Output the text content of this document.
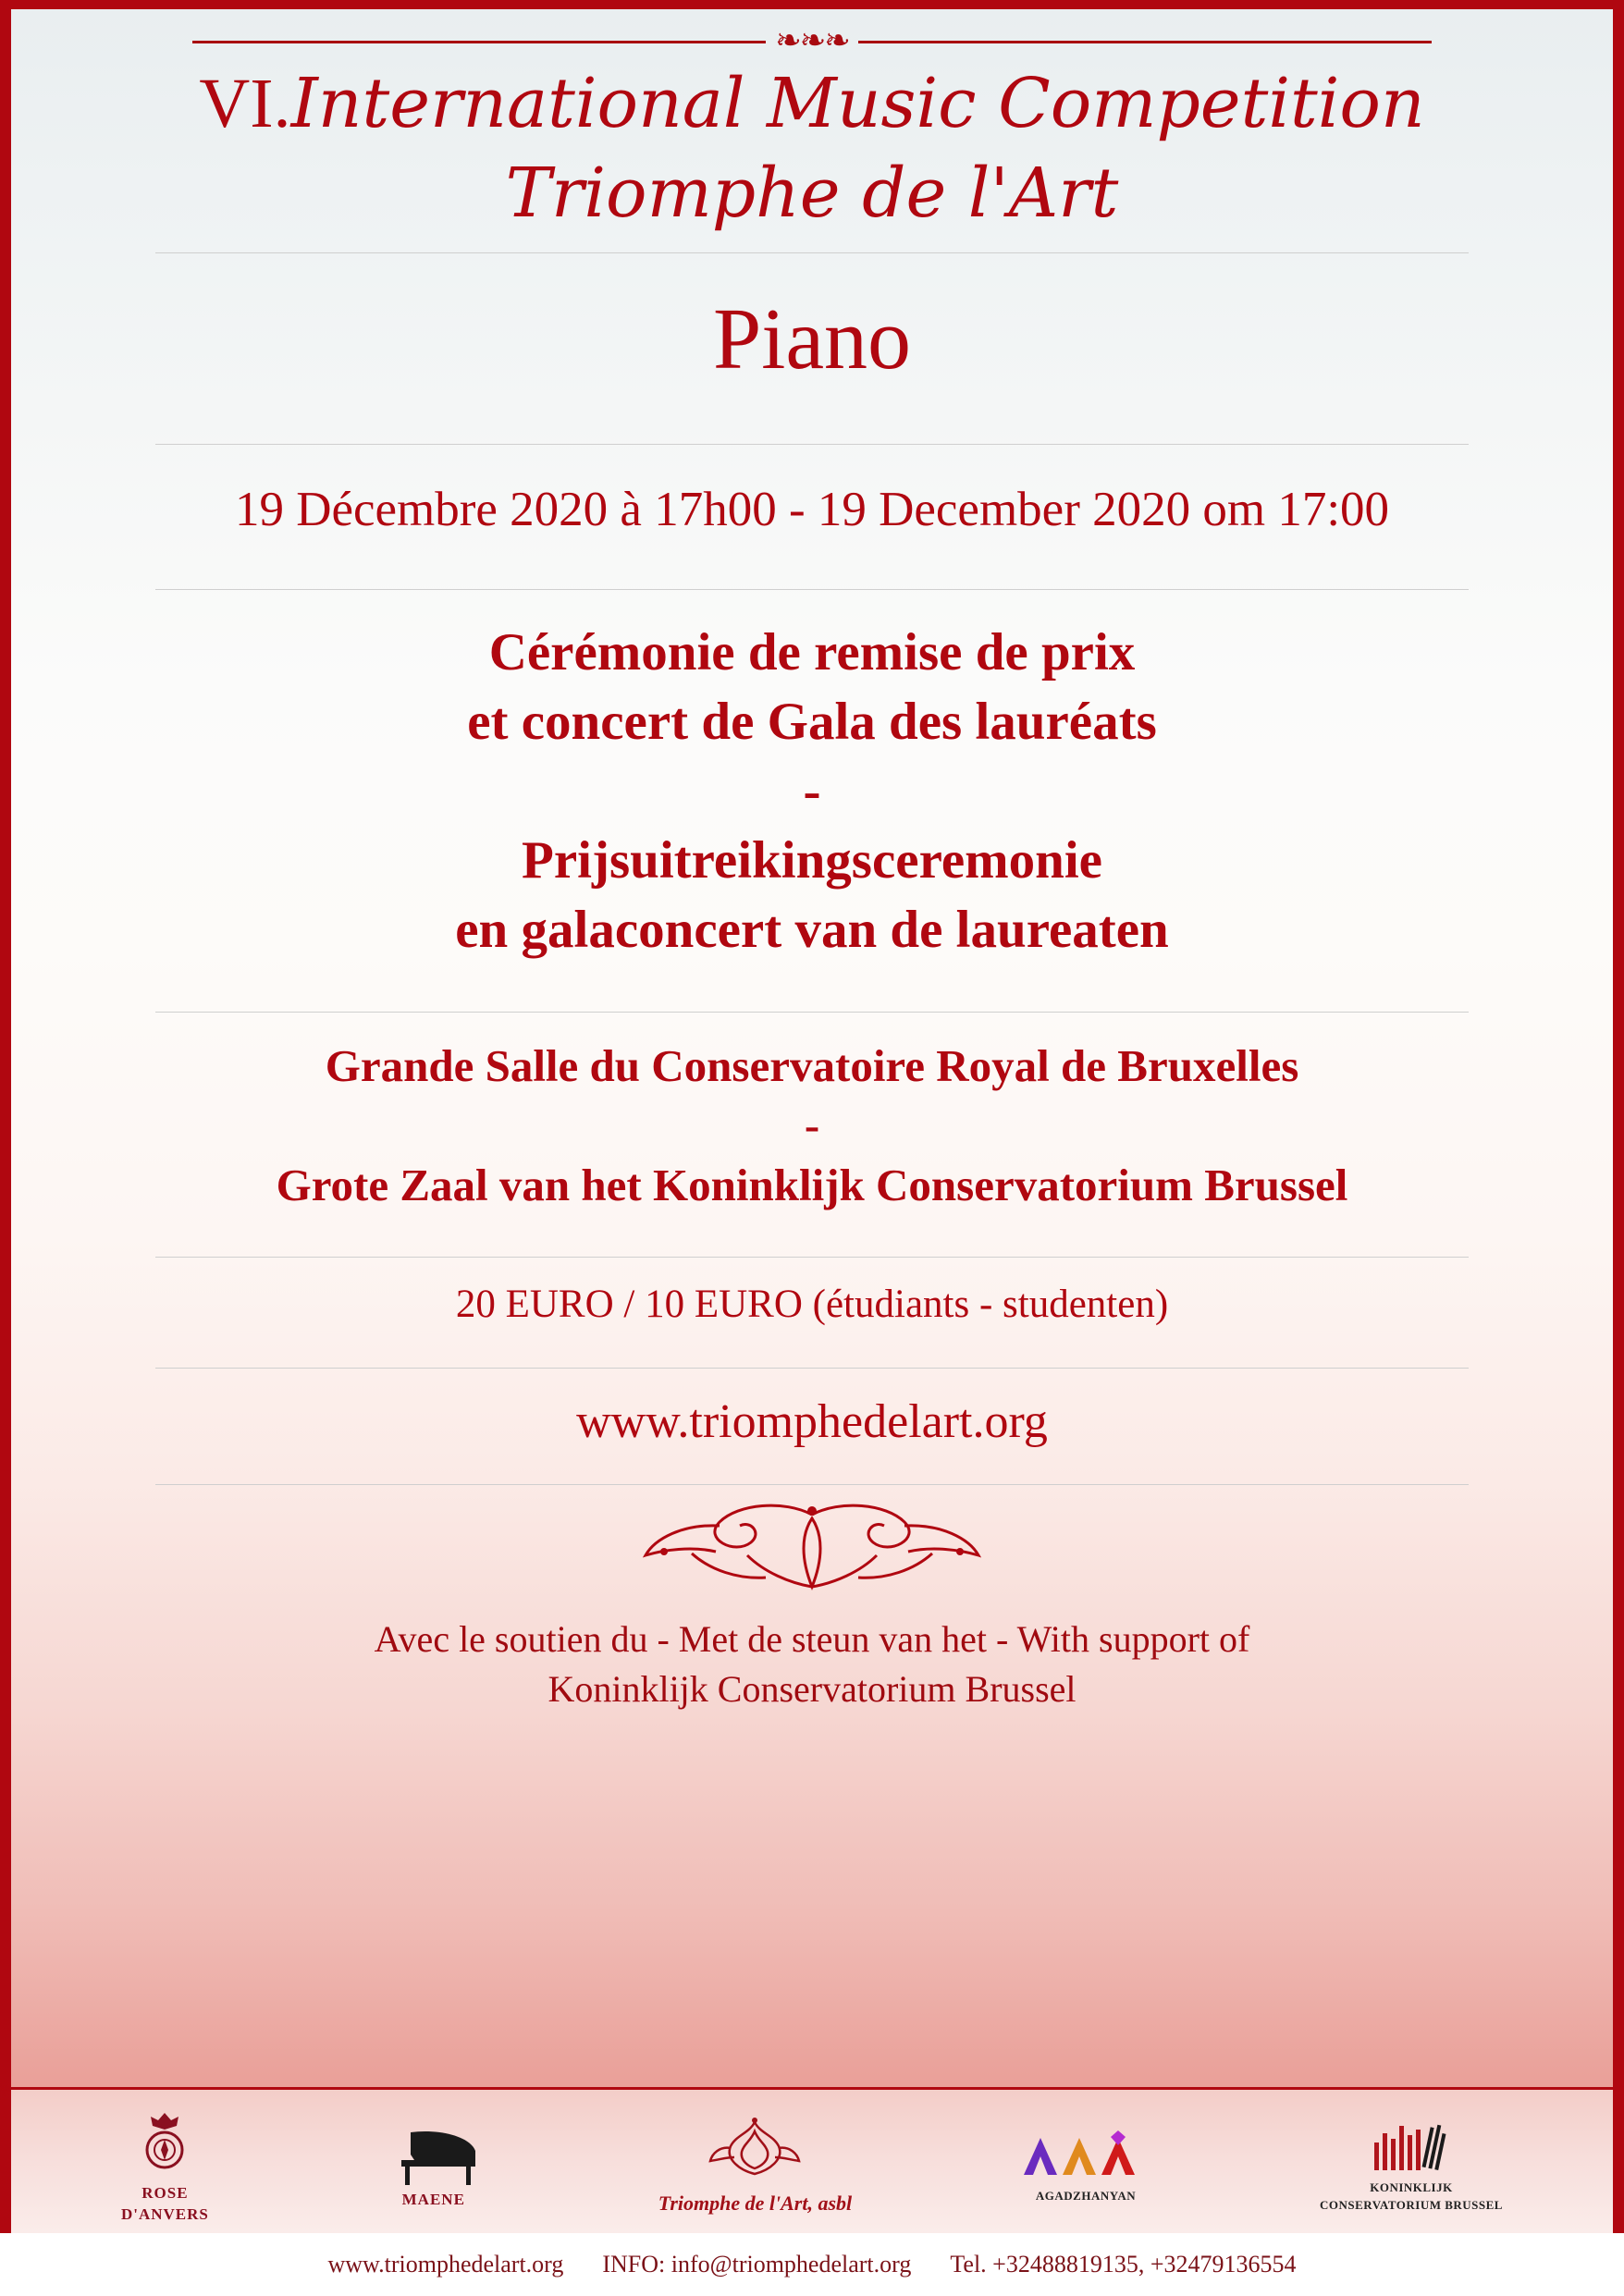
❧❧❧
VI.International Music Competition
Triomphe de l'Art
Piano
19 Décembre 2020 à 17h00 - 19 December 2020 om 17:00
Cérémonie de remise de prix
et concert de Gala des lauréats
-
Prijsuitreikingsceremonie
en galaconcert van de laureaten
Grande Salle du Conservatoire Royal de Bruxelles
-
Grote Zaal van het Koninklijk Conservatorium Brussel
20 EURO / 10 EURO (étudiants - studenten)
www.triomphedelart.org
Avec le soutien du - Met de steun van het - With support of
Koninklijk Conservatorium Brussel
ROSE
D'ANVERS
MAENE	Triomphe de l'Art, asbl	AGADZHANYAN
KONINKLIJK
CONSERVATORIUM BRUSSEL
www.triomphedelart.org INFO: info@triomphedelart.org Tel. +32488819135, +32479136554
